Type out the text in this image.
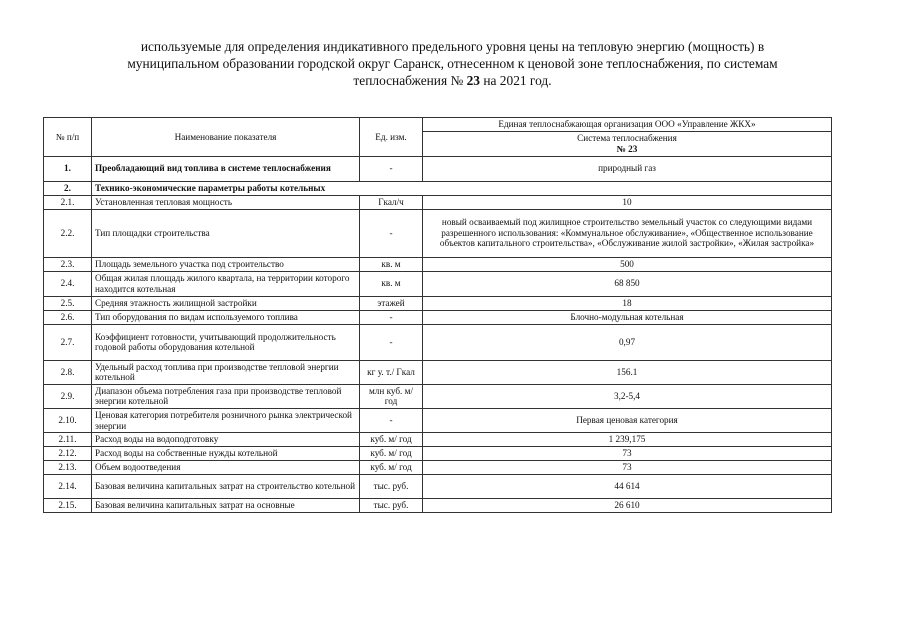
используемые для определения индикативного предельного уровня цены на тепловую энергию (мощность) в
муниципальном образовании городской округ Саранск, отнесенном к ценовой зоне теплоснабжения, по системам
теплоснабжения № 23 на 2021 год.
№ п/п	Наименование показателя	Ед. изм.	Единая теплоснабжающая организация ООО «Управление ЖКХ»

			Система теплоснабжения
№ 23

1.	Преобладающий вид топлива в системе теплоснабжения	-	природный газ
2.	Технико-экономические параметры работы котельных		
2.1.	Установленная тепловая мощность	Гкал/ч	10
2.2.	Тип площадки строительства	-	новый осваиваемый под жилищное строительство земельный участок со следующими видами разрешенного использования: «Коммунальное обслуживание», «Общественное использование объектов капитального строительства», «Обслуживание жилой застройки», «Жилая застройка»
2.3.	Площадь земельного участка под строительство	кв. м	500
2.4.	Общая жилая площадь жилого квартала, на территории которого находится котельная	кв. м	68 850
2.5.	Средняя этажность жилищной застройки	этажей	18
2.6.	Тип оборудования по видам используемого топлива	-	Блочно-модульная котельная
2.7.	Коэффициент готовности, учитывающий продолжительность годовой работы оборудования котельной	-	0,97
2.8.	Удельный расход топлива при производстве тепловой энергии котельной	кг у. т./ Гкал	156.1
2.9.	Диапазон объема потребления газа при производстве тепловой энергии котельной	млн куб. м/год	3,2-5,4
2.10.	Ценовая категория потребителя розничного рынка электрической энергии	-	Первая ценовая категория
2.11.	Расход воды на водоподготовку	куб. м/ год	1 239,175
2.12.	Расход воды на собственные нужды котельной	куб. м/ год	73
2.13.	Объем водоотведения	куб. м/ год	73
2.14.	Базовая величина капитальных затрат на строительство котельной	тыс. руб.	44 614
2.15.	Базовая величина капитальных затрат на основные	тыс. руб.	26 610
